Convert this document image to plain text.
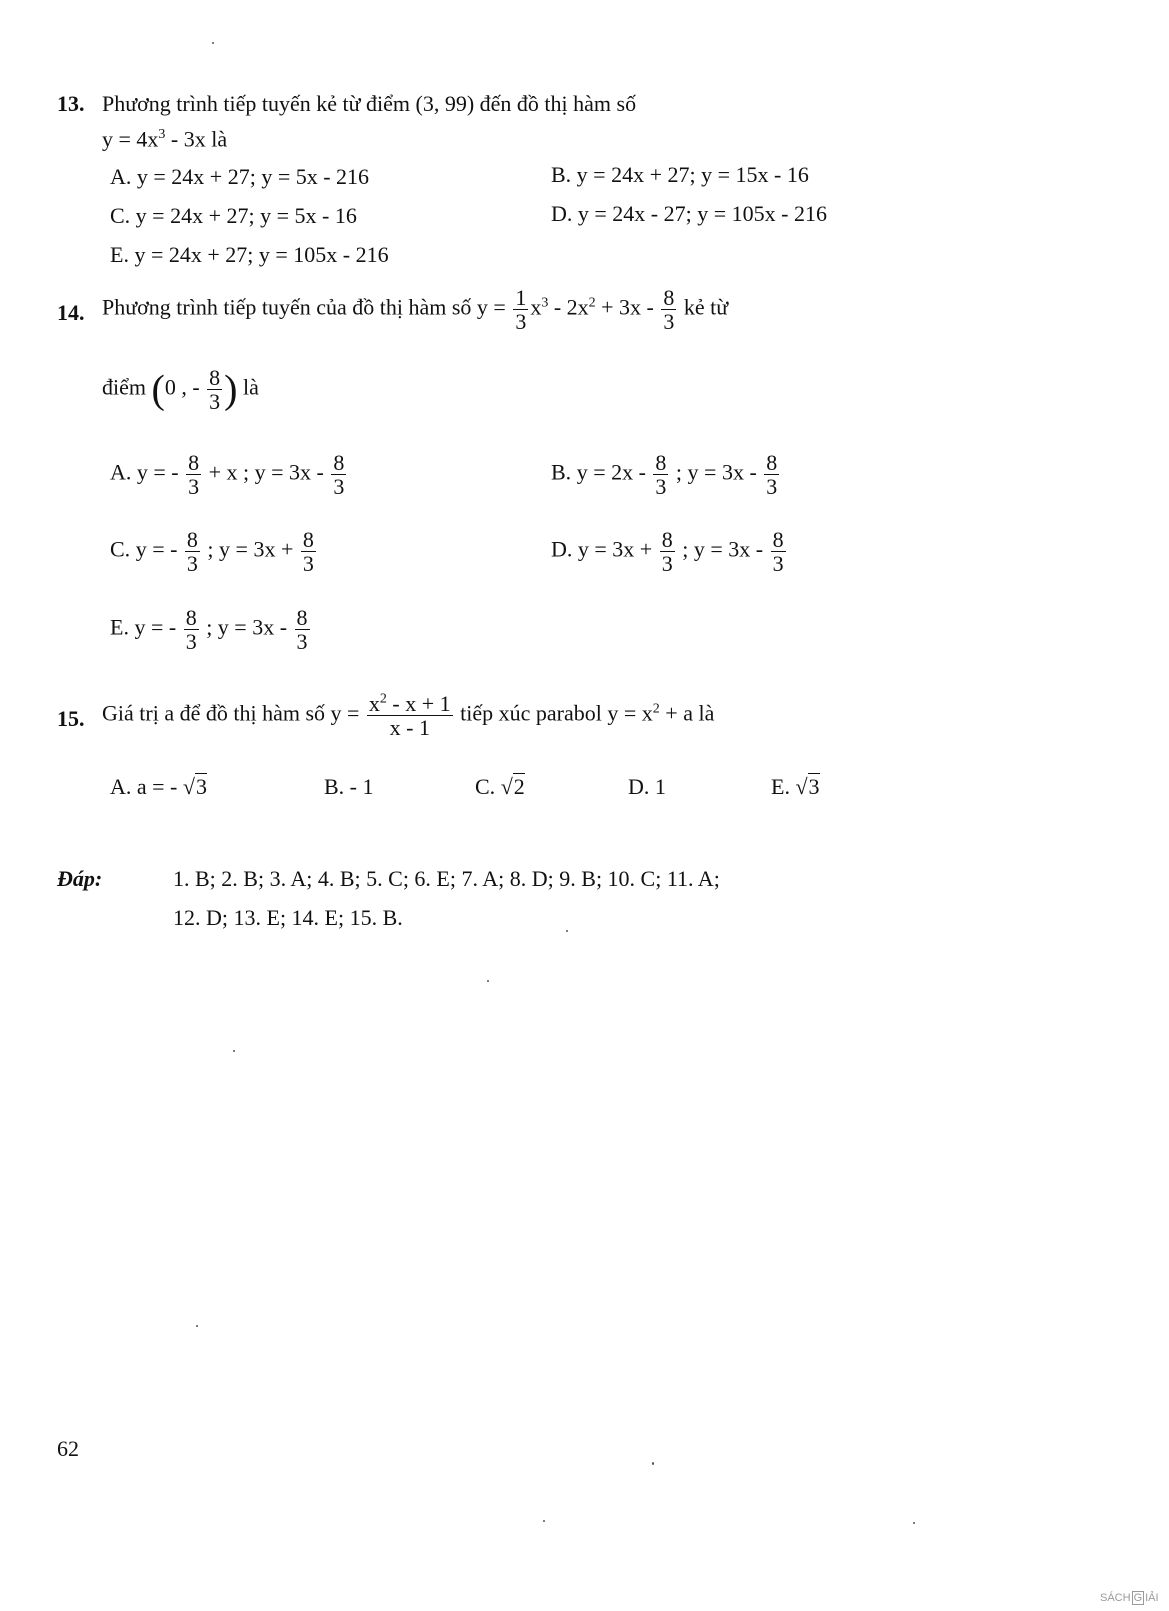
13. Phương trình tiếp tuyến kẻ từ điểm (3, 99) đến đồ thị hàm số
$y = 4x^3 - 3x$ là
A. y = 24x + 27; y = 5x - 216	B. y = 24x + 27; y = 15x - 16
C. y = 24x + 27; y = 5x - 16	D. y = 24x - 27; y = 105x - 216
E. y = 24x + 27; y = 105x - 216
14. Phương trình tiếp tuyến của đồ thị hàm số $y = \frac{1}{3} x^3 - 2x^2 + 3x - \frac{8}{3}$ kẻ từ
điểm (0 , - $\frac{8}{3}$ ) là
A. y = - $\frac{8}{3} + x$ ; $y = 3x - \frac{8}{3}$	B. $y = 2x - \frac{8}{3}$ ; $y = 3x - \frac{8}{3}$
C. y = - $\frac{8}{3}$ ; $y = 3x + \frac{8}{3}$	D. $y = 3x + \frac{8}{3}$ ; $y = 3x - \frac{8}{3}$
E. y = - $\frac{8}{3}$ ; $y = 3x - \frac{8}{3}$
15. Giá trị a để đồ thị hàm số $y = \frac{x^2 - x + 1}{x - 1}$ tiếp xúc parabol $y = x^2 + a$ là
A. a = - √3	B. - 1	C. √2	D. 1	E. √3
Đáp:	1. B; 2. B; 3. A; 4. B; 5. C; 6. E; 7. A; 8. D; 9. B; 10. C; 11. A;
12. D; 13. E; 14. E; 15. B.
62
SÁCH G IẢI
